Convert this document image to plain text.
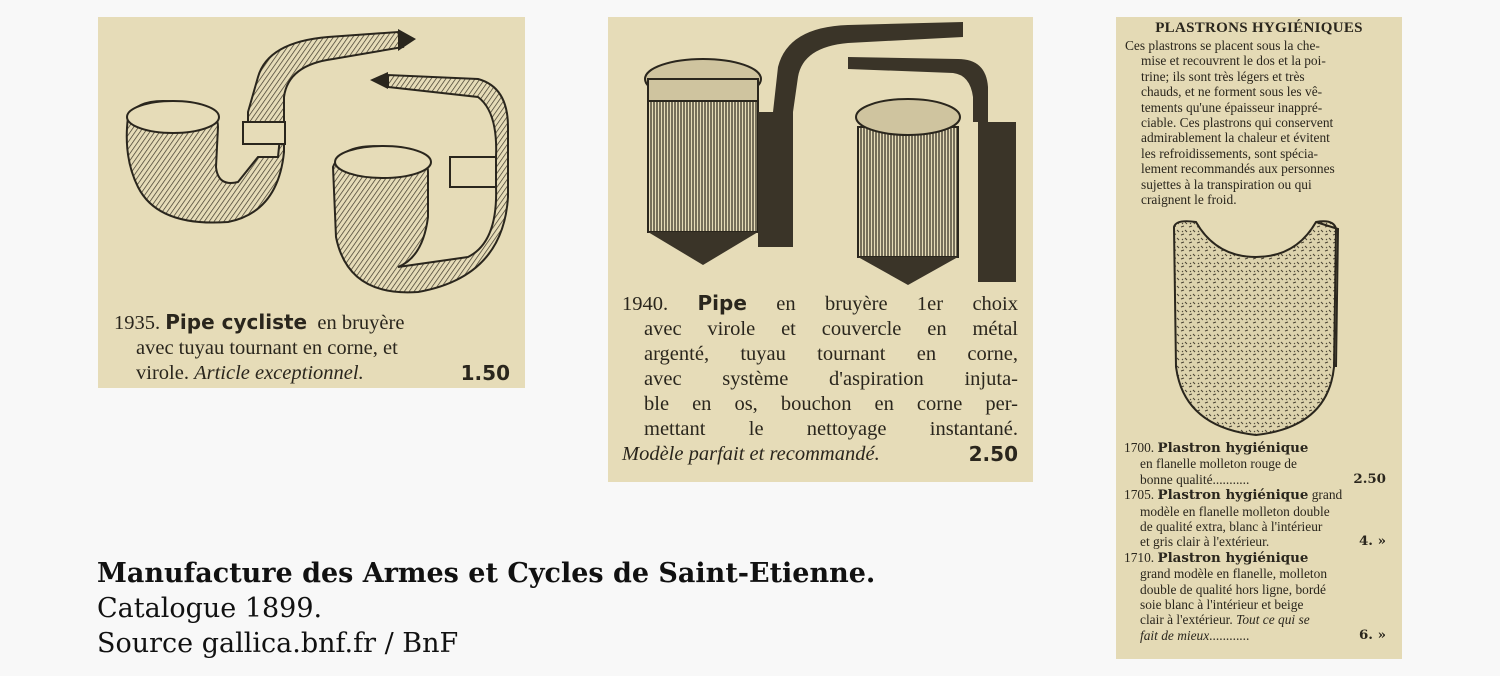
1935. Pipe cycliste en bruyère
avec tuyau tournant en corne, et
virole. Article exceptionnel.	1.50
1940. Pipe en bruyère 1er choix
avec virole et couvercle en métal
argenté, tuyau tournant en corne,
avec système d'aspiration injuta-
ble en os, bouchon en corne per-
mettant le nettoyage instantané.
Modèle parfait et recommandé.	2.50
PLASTRONS HYGIÉNIQUES
Ces plastrons se placent sous la che-
mise et recouvrent le dos et la poi-
trine; ils sont très légers et très
chauds, et ne forment sous les vê-
tements qu'une épaisseur inappré-
ciable. Ces plastrons qui conservent
admirablement la chaleur et évitent
les refroidissements, sont spécia-
lement recommandés aux personnes
sujettes à la transpiration ou qui
craignent le froid.
1700. Plastron hygiénique
en flanelle molleton rouge de
bonne qualité...........	2.50
1705. Plastron hygiénique grand
modèle en flanelle molleton double
de qualité extra, blanc à l'intérieur
et gris clair à l'extérieur.	4. »
1710. Plastron hygiénique
grand modèle en flanelle, molleton
double de qualité hors ligne, bordé
soie blanc à l'intérieur et beige
clair à l'extérieur. Tout ce qui se
fait de mieux............	6. »
Manufacture des Armes et Cycles de Saint-Etienne.
Catalogue 1899.
Source gallica.bnf.fr / BnF
